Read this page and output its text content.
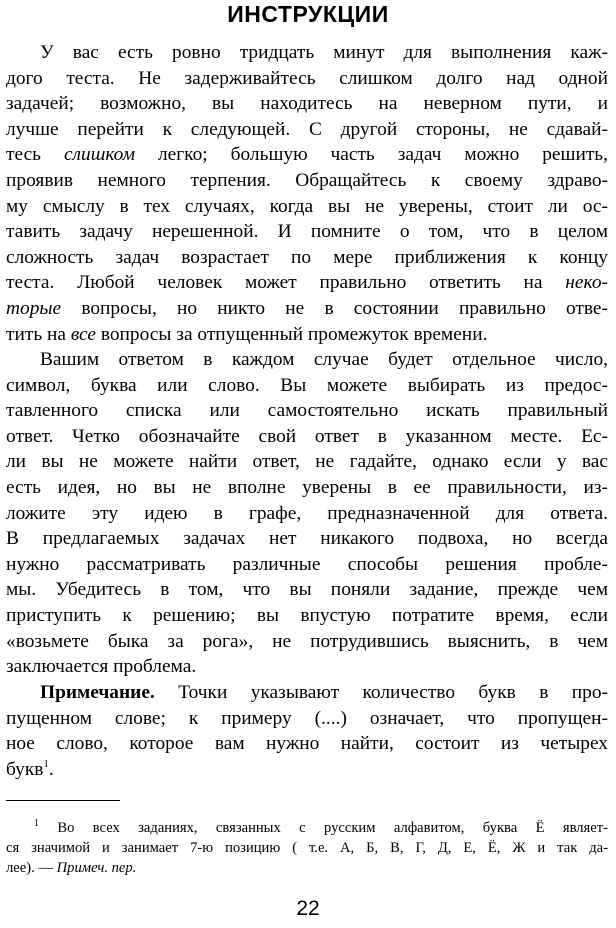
ИНСТРУКЦИИ
У вас есть ровно тридцать минут для выполнения каж-
дого теста. Не задерживайтесь слишком долго над одной
задачей; возможно, вы находитесь на неверном пути, и
лучше перейти к следующей. С другой стороны, не сдавай-
тесь слишком легко; большую часть задач можно решить,
проявив немного терпения. Обращайтесь к своему здраво-
му смыслу в тех случаях, когда вы не уверены, стоит ли ос-
тавить задачу нерешенной. И помните о том, что в целом
сложность задач возрастает по мере приближения к концу
теста. Любой человек может правильно ответить на неко-
торые вопросы, но никто не в состоянии правильно отве-
тить на все вопросы за отпущенный промежуток времени.
Вашим ответом в каждом случае будет отдельное число,
символ, буква или слово. Вы можете выбирать из предос-
тавленного списка или самостоятельно искать правильный
ответ. Четко обозначайте свой ответ в указанном месте. Ес-
ли вы не можете найти ответ, не гадайте, однако если у вас
есть идея, но вы не вполне уверены в ее правильности, из-
ложите эту идею в графе, предназначенной для ответа.
В предлагаемых задачах нет никакого подвоха, но всегда
нужно рассматривать различные способы решения пробле-
мы. Убедитесь в том, что вы поняли задание, прежде чем
приступить к решению; вы впустую потратите время, если
«возьмете быка за рога», не потрудившись выяснить, в чем
заключается проблема.
Примечание. Точки указывают количество букв в про-
пущенном слове; к примеру (....) означает, что пропущен-
ное слово, которое вам нужно найти, состоит из четырех
букв$^1$.
$^1$ Во всех заданиях, связанных с русским алфавитом, буква Ё являет-
ся значимой и занимает 7-ю позицию ( т.е. А, Б, В, Г, Д, Е, Ё, Ж и так да-
лее). — Примеч. пер.
22
